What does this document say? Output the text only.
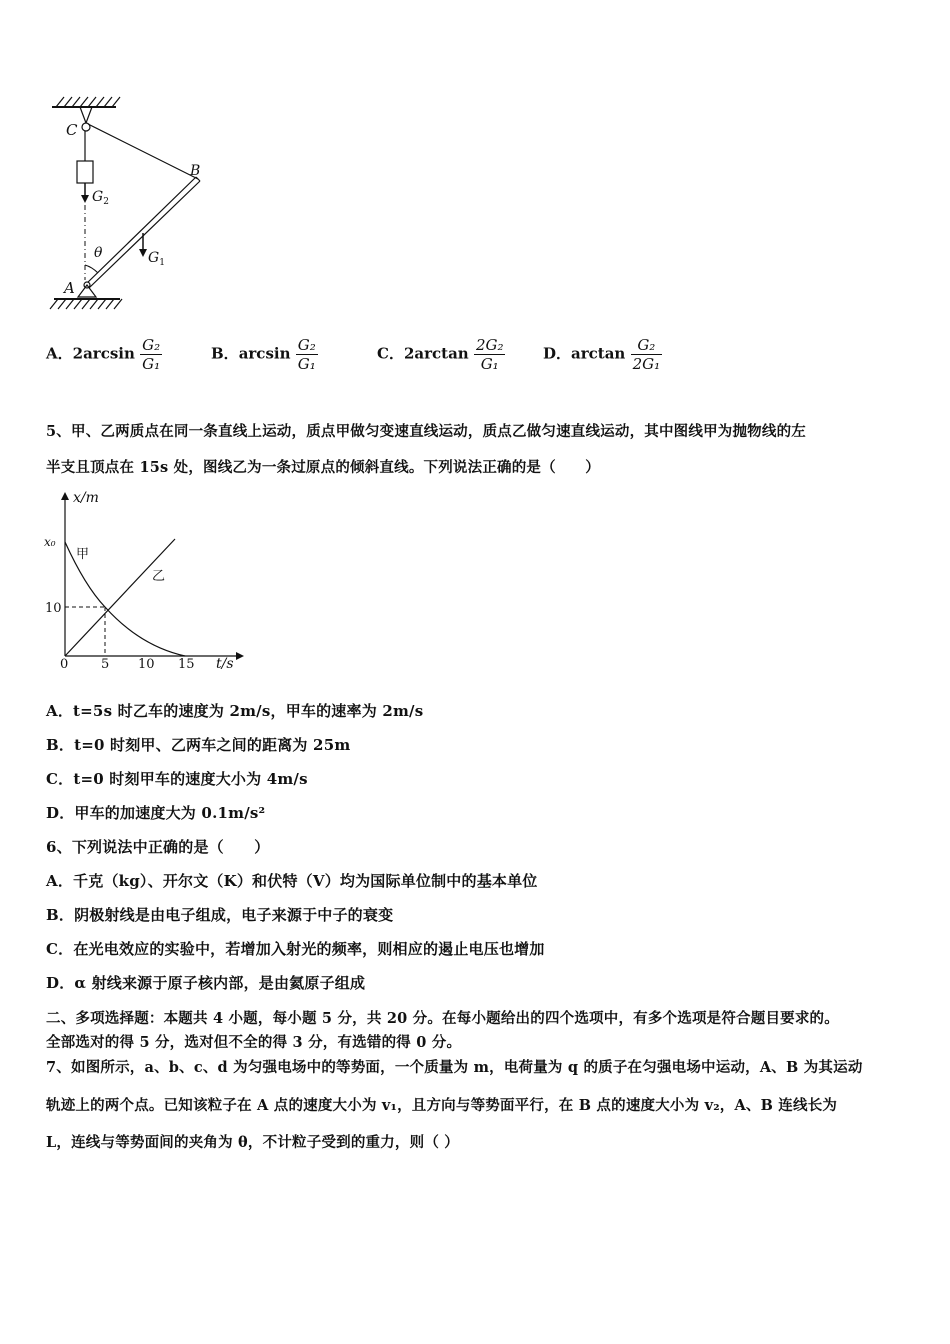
C
B
A
$G_2$
$G_1$
θ
A．$2\arcsin \frac{\text{G₂}}{\text{G₁}}$	B．$\arcsin \frac{\text{G₂}}{\text{G₁}}$	C．$2\arctan \frac{\text{2G₂}}{\text{G₁}}$	D．$\arctan \frac{\text{G₂}}{\text{2G₁}}$
5、甲、乙两质点在同一条直线上运动，质点甲做匀变速直线运动，质点乙做匀速直线运动，其中图线甲为抛物线的左
半支且顶点在 15s 处，图线乙为一条过原点的倾斜直线。下列说法正确的是（　　）
x/m
t/s
x₀
甲
乙
10
0	5 10 15
A．t=5s 时乙车的速度为 2m/s，甲车的速率为 2m/s
B．t=0 时刻甲、乙两车之间的距离为 25m
C．t=0 时刻甲车的速度大小为 4m/s
D．甲车的加速度大为 0.1m/s²
6、下列说法中正确的是（　　）
A．千克（kg）、开尔文（K）和伏特（V）均为国际单位制中的基本单位
B．阴极射线是由电子组成，电子来源于中子的衰变
C．在光电效应的实验中，若增加入射光的频率，则相应的遏止电压也增加
D．α 射线来源于原子核内部，是由氦原子组成
二、多项选择题：本题共 4 小题，每小题 5 分，共 20 分。在每小题给出的四个选项中，有多个选项是符合题目要求的。
全部选对的得 5 分，选对但不全的得 3 分，有选错的得 0 分。
7、如图所示，a、b、c、d 为匀强电场中的等势面，一个质量为 m，电荷量为 q 的质子在匀强电场中运动，A、B 为其运动
轨迹上的两个点。已知该粒子在 A 点的速度大小为 v₁，且方向与等势面平行，在 B 点的速度大小为 v₂，A、B 连线长为
L，连线与等势面间的夹角为 θ，不计粒子受到的重力，则（ ）
